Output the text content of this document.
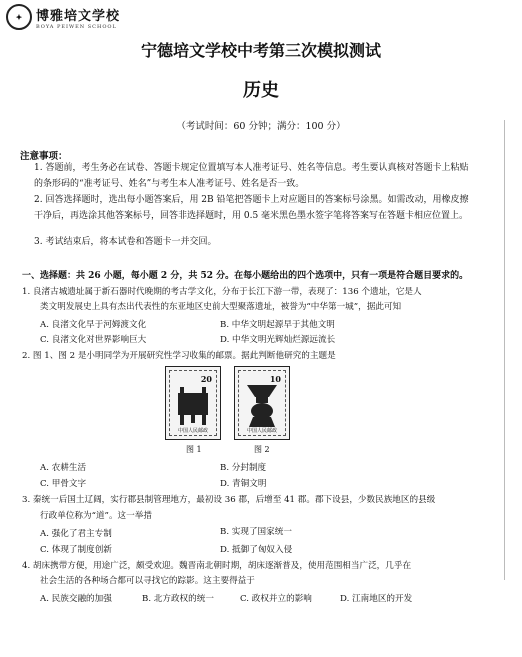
✦	博雅培文学校
BOYA PEIWEN SCHOOL
宁德培文学校中考第三次模拟测试
历史
（考试时间：60 分钟；满分：100 分）
注意事项：
1. 答题前，考生务必在试卷、答题卡规定位置填写本人准考证号、姓名等信息。考生要认真核对答题卡上粘贴的条形码的“准考证号、姓名”与考生本人准考证号、姓名是否一致。
2. 回答选择题时，选出每小题答案后，用 2B 铅笔把答题卡上对应题目的答案标号涂黑。如需改动，用橡皮擦干净后，再选涂其他答案标号，回答非选择题时，用 0.5 毫米黑色墨水签字笔将答案写在答题卡相应位置上。
3. 考试结束后，将本试卷和答题卡一并交回。
一、选择题：共 26 小题，每小题 2 分，共 52 分。在每小题给出的四个选项中，只有一项是符合题目要求的。
1. 良渚古城遗址属于新石器时代晚期的考古学文化，分布于长江下游一带，表现了：136 个遗址，它是人
类文明发展史上具有杰出代表性的东亚地区史前大型聚落遗址，被誉为“中华第一城”，据此可知
A. 良渚文化早于河姆渡文化	B. 中华文明起源早于其他文明
C. 良渚文化对世界影响巨大	D. 中华文明光辉灿烂源远流长
2. 图 1、图 2 是小明同学为开展研究性学习收集的邮票。据此判断他研究的主题是
20
中国人民邮政
10
中国人民邮政
图 1	图 2
A. 农耕生活	B. 分封制度
C. 甲骨文字	D. 青铜文明
3. 秦统一后国土辽阔，实行郡县制管理地方，最初设 36 郡，后增至 41 郡。郡下设县，少数民族地区的县级
行政单位称为“道”。这一举措
A. 强化了君主专制	B. 实现了国家统一
C. 体现了制度创新	D. 抵御了匈奴入侵
4. 胡床携带方便，用途广泛，颇受欢迎。魏晋南北朝时期，胡床逐渐普及，使用范围相当广泛，几乎在
社会生活的各种场合都可以寻找它的踪影。这主要得益于
A. 民族交融的加强	B. 北方政权的统一	C. 政权并立的影响	D. 江南地区的开发
